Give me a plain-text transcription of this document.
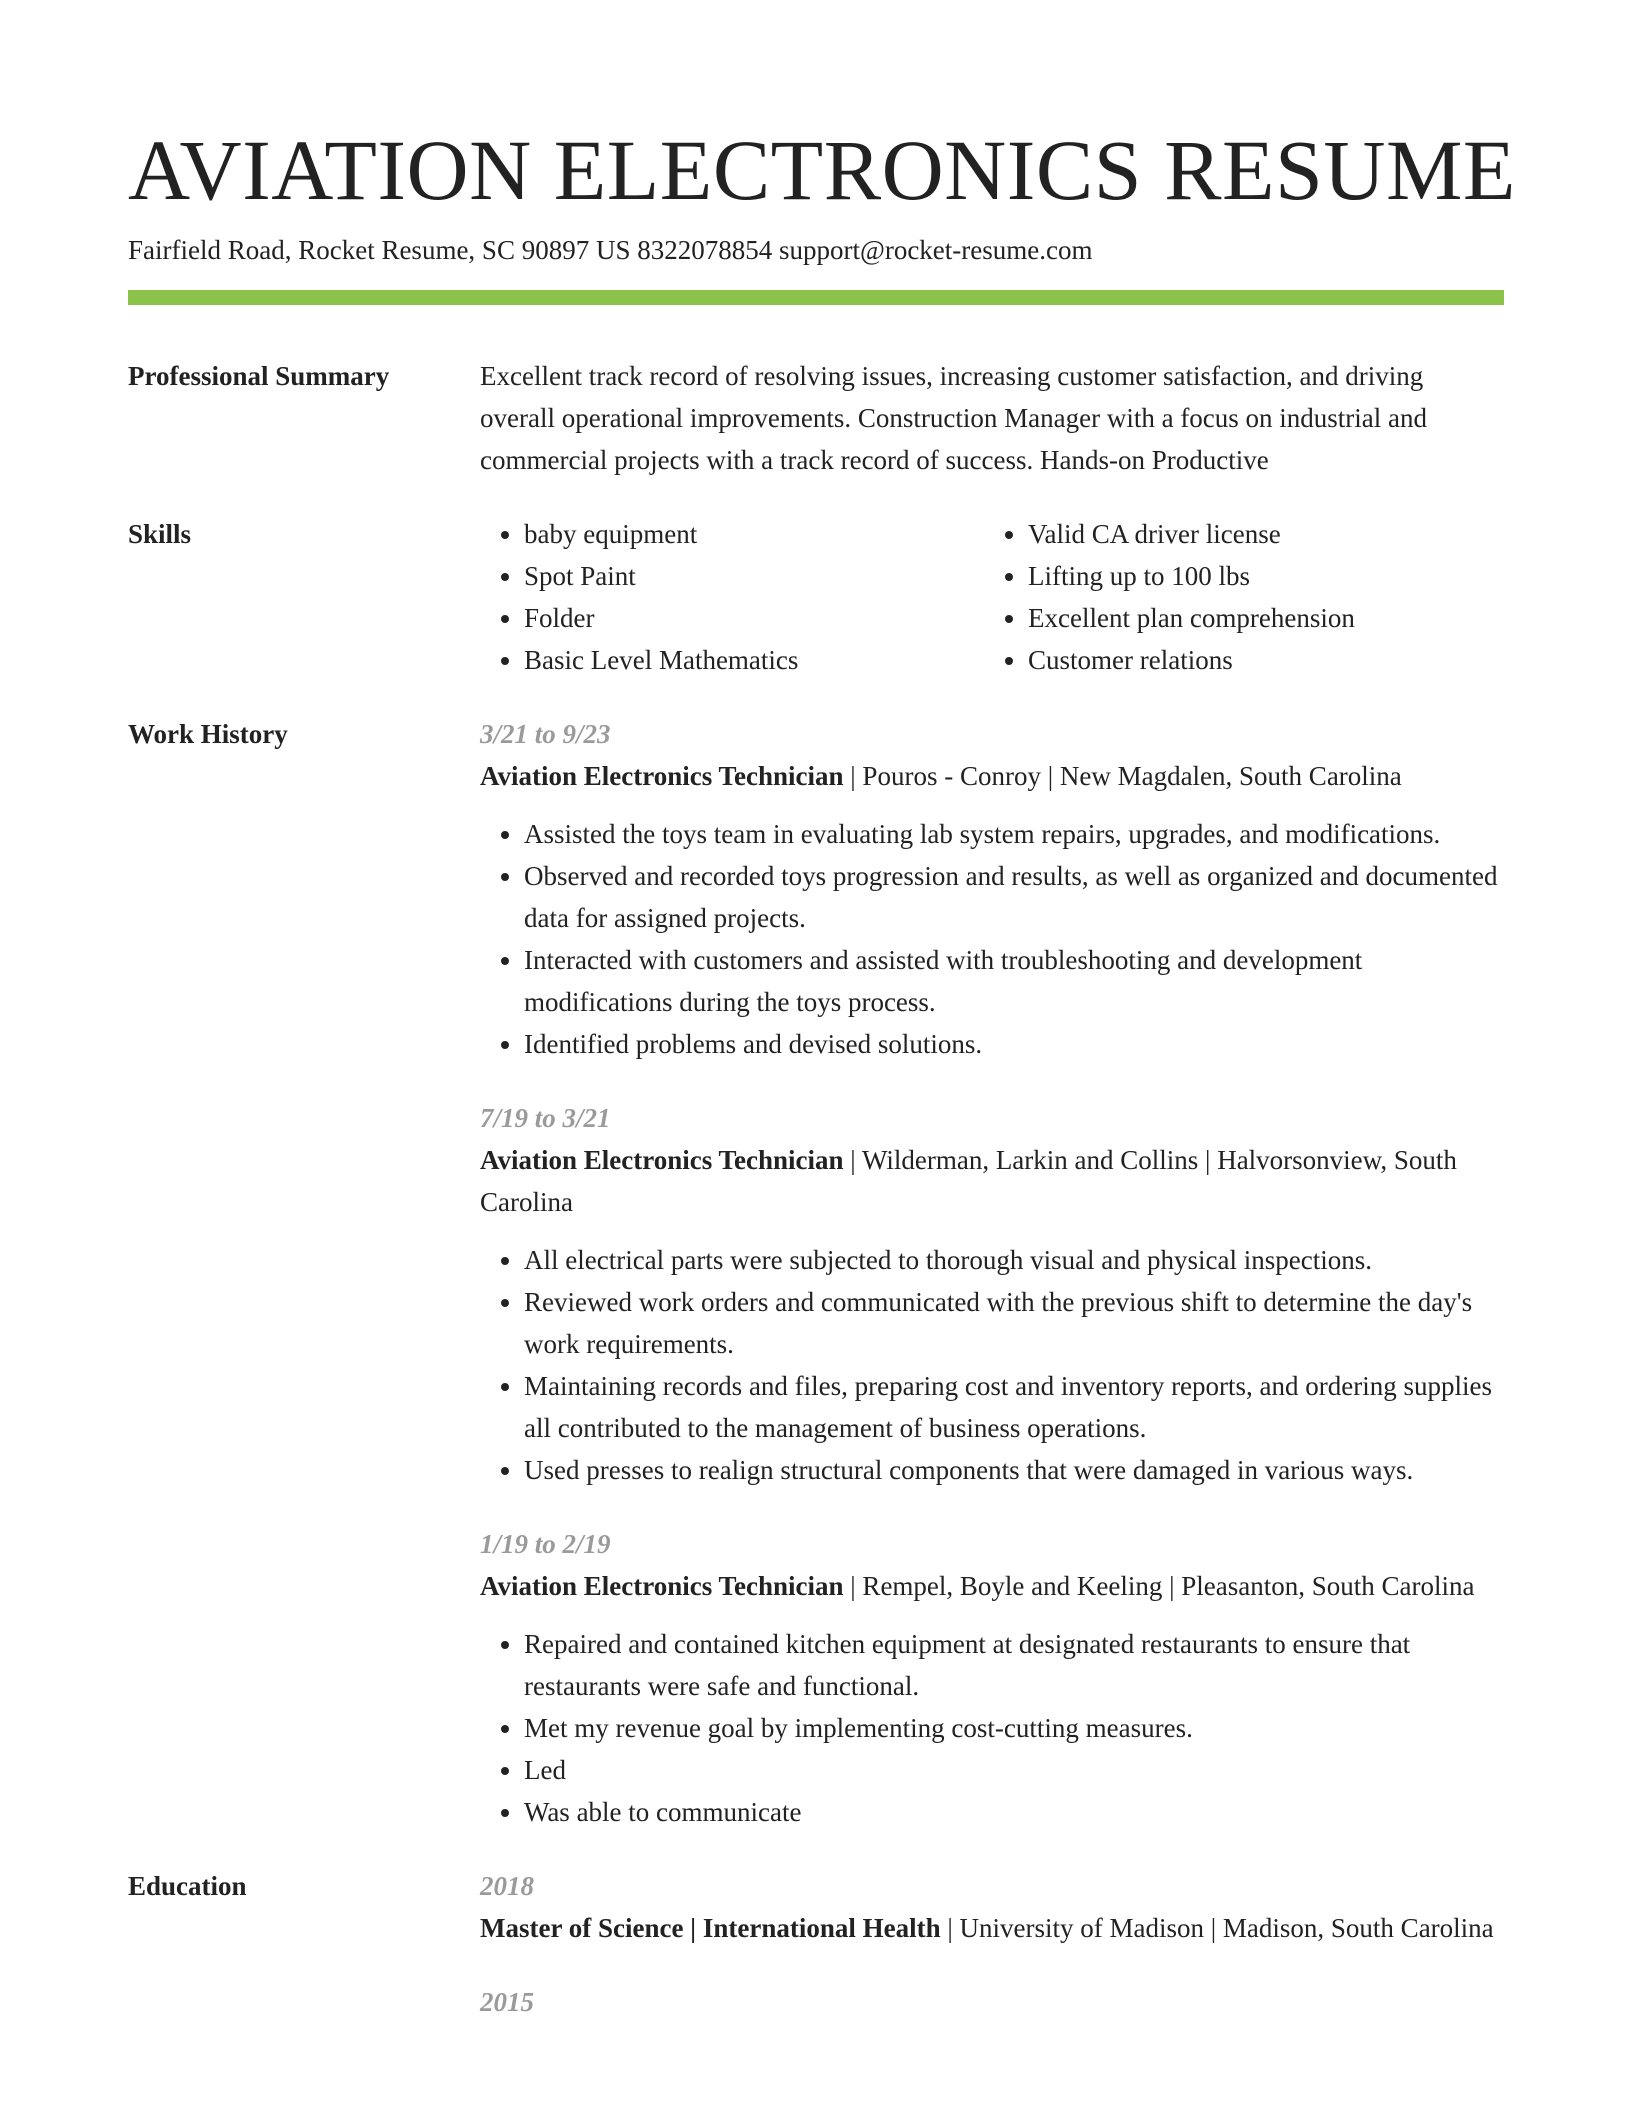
AVIATION ELECTRONICS RESUME
Fairfield Road, Rocket Resume, SC 90897 US 8322078854 support@rocket-resume.com
Professional Summary	Excellent track record of resolving issues, increasing customer satisfaction, and driving overall operational improvements. Construction Manager with a focus on industrial and commercial projects with a track record of success. Hands-on Productive

Skills
•	baby equipment
• Spot Paint
• Folder
• Basic Level Mathematics
• Valid CA driver license
• Lifting up to 100 lbs
• Excellent plan comprehension
• Customer relations
Work History	3/21 to 9/23

Aviation Electronics Technician | Pouros - Conroy | New Magdalen, South Carolina

• Assisted the toys team in evaluating lab system repairs, upgrades, and modifications.
• Observed and recorded toys progression and results, as well as organized and documented data for assigned projects.
• Interacted with customers and assisted with troubleshooting and development modifications during the toys process.
• Identified problems and devised solutions.
7/19 to 3/21

Aviation Electronics Technician | Wilderman, Larkin and Collins | Halvorsonview, South Carolina

• All electrical parts were subjected to thorough visual and physical inspections.
• Reviewed work orders and communicated with the previous shift to determine the day's work requirements.
• Maintaining records and files, preparing cost and inventory reports, and ordering supplies all contributed to the management of business operations.
• Used presses to realign structural components that were damaged in various ways.
1/19 to 2/19

Aviation Electronics Technician | Rempel, Boyle and Keeling | Pleasanton, South Carolina

• Repaired and contained kitchen equipment at designated restaurants to ensure that restaurants were safe and functional.
• Met my revenue goal by implementing cost-cutting measures.
• Led
• Was able to communicate
Education	2018

Master of Science | International Health | University of Madison | Madison, South Carolina

2015
